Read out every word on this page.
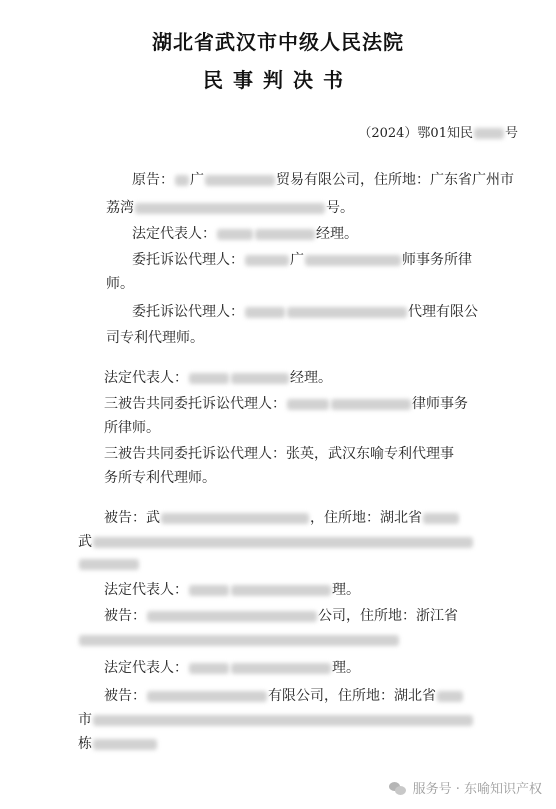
湖北省武汉市中级人民法院
民事判决书
（2024）鄂01知民 号
原告： 广	贸易有限公司，住所地：广东省广州市
荔湾	号。
法定代表人：	经理。
委托诉讼代理人：	广	师事务所律
师。
委托诉讼代理人：	代理有限公
司专利代理师。
法定代表人：	经理。
三被告共同委托诉讼代理人：	律师事务
所律师。
三被告共同委托诉讼代理人：张英，武汉东喻专利代理事
务所专利代理师。
被告：武	，住所地：湖北省
武
法定代表人：	理。
被告：	公司，住所地：浙江省
法定代表人：	理。
被告：	有限公司，住所地：湖北省
市
栋
服务号 · 东喻知识产权
